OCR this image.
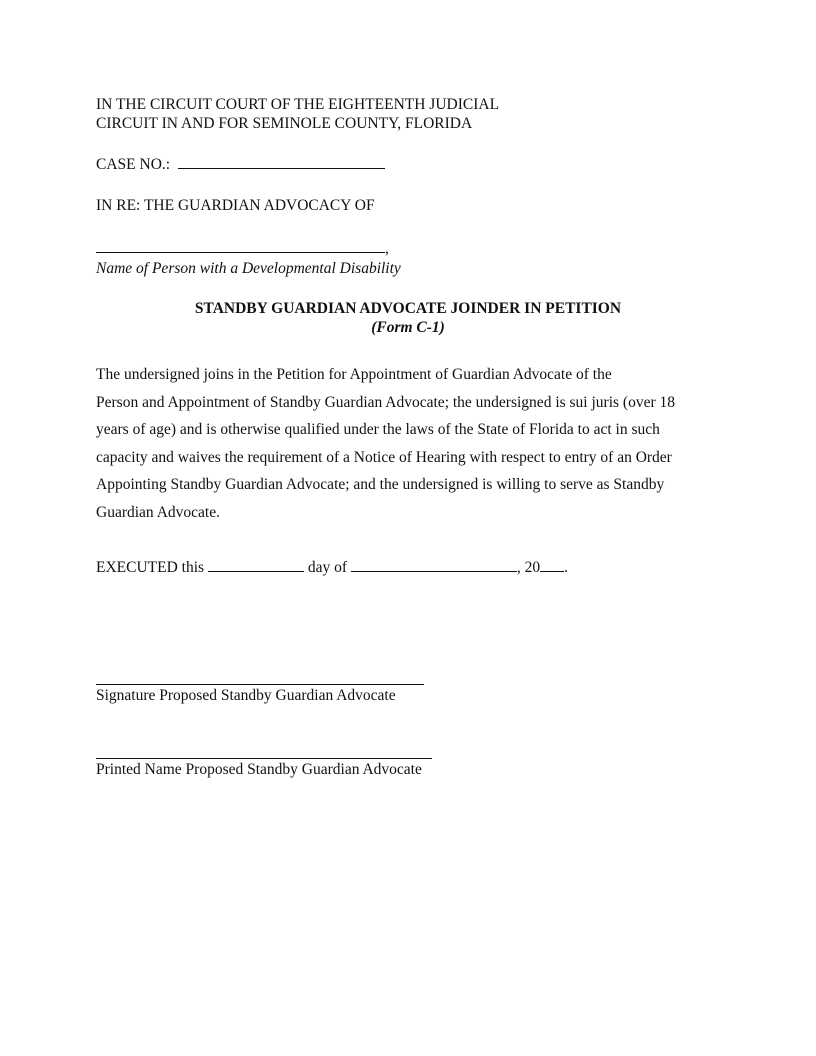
IN THE CIRCUIT COURT OF THE EIGHTEENTH JUDICIAL
CIRCUIT IN AND FOR SEMINOLE COUNTY, FLORIDA
CASE NO.:
IN RE: THE GUARDIAN ADVOCACY OF
,
Name of Person with a Developmental Disability
STANDBY GUARDIAN ADVOCATE JOINDER IN PETITION
(Form C-1)
The undersigned joins in the Petition for Appointment of Guardian Advocate of the
Person and Appointment of Standby Guardian Advocate; the undersigned is sui juris (over 18
years of age) and is otherwise qualified under the laws of the State of Florida to act in such
capacity and waives the requirement of a Notice of Hearing with respect to entry of an Order
Appointing Standby Guardian Advocate; and the undersigned is willing to serve as Standby
Guardian Advocate.
EXECUTED this	day of	, 20 .
Signature Proposed Standby Guardian Advocate
Printed Name Proposed Standby Guardian Advocate
